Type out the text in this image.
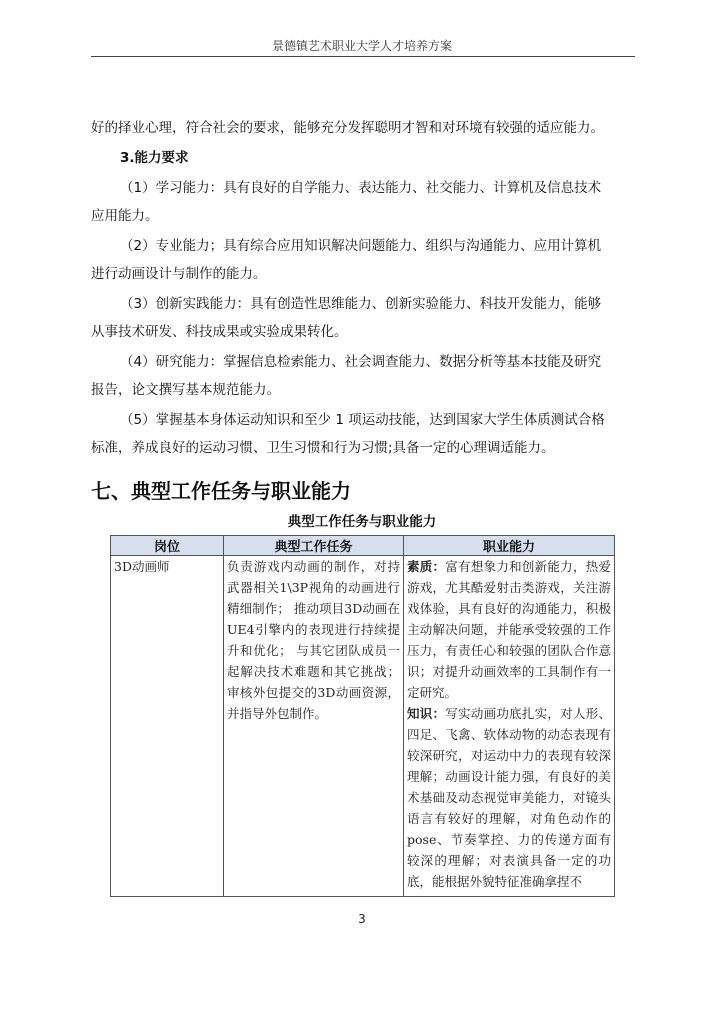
景德镇艺术职业大学人才培养方案
好的择业心理，符合社会的要求，能够充分发挥聪明才智和对环境有较强的适应能力。
3.能力要求
（1）学习能力：具有良好的自学能力、表达能力、社交能力、计算机及信息技术
应用能力。
（2）专业能力；具有综合应用知识解决问题能力、组织与沟通能力、应用计算机
进行动画设计与制作的能力。
（3）创新实践能力：具有创造性思维能力、创新实验能力、科技开发能力，能够
从事技术研发、科技成果或实验成果转化。
（4）研究能力：掌握信息检索能力、社会调查能力、数据分析等基本技能及研究
报告，论文撰写基本规范能力。
（5）掌握基本身体运动知识和至少 1 项运动技能，达到国家大学生体质测试合格
标准，养成良好的运动习惯、卫生习惯和行为习惯;具备一定的心理调适能力。
七、典型工作任务与职业能力
典型工作任务与职业能力
岗位	典型工作任务	职业能力
3D动画师	负责游戏内动画的制作，对持武器相关1\3P视角的动画进行精细制作； 推动项目3D动画在UE4引擎内的表现进行持续提升和优化； 与其它团队成员一起解决技术难题和其它挑战； 审核外包提交的3D动画资源，并指导外包制作。	素质：富有想象力和创新能力，热爱游戏，尤其酷爱射击类游戏，关注游戏体验，具有良好的沟通能力，积极主动解决问题，并能承受较强的工作压力，有责任心和较强的团队合作意识；对提升动画效率的工具制作有一定研究。

知识：写实动画功底扎实，对人形、四足、飞禽、软体动物的动态表现有较深研究，对运动中力的表现有较深理解；动画设计能力强，有良好的美术基础及动态视觉审美能力，对镜头语言有较好的理解，对角色动作的pose、节奏掌控、力的传递方面有较深的理解；对表演具备一定的功底，能根据外貌特征准确拿捏不

3
